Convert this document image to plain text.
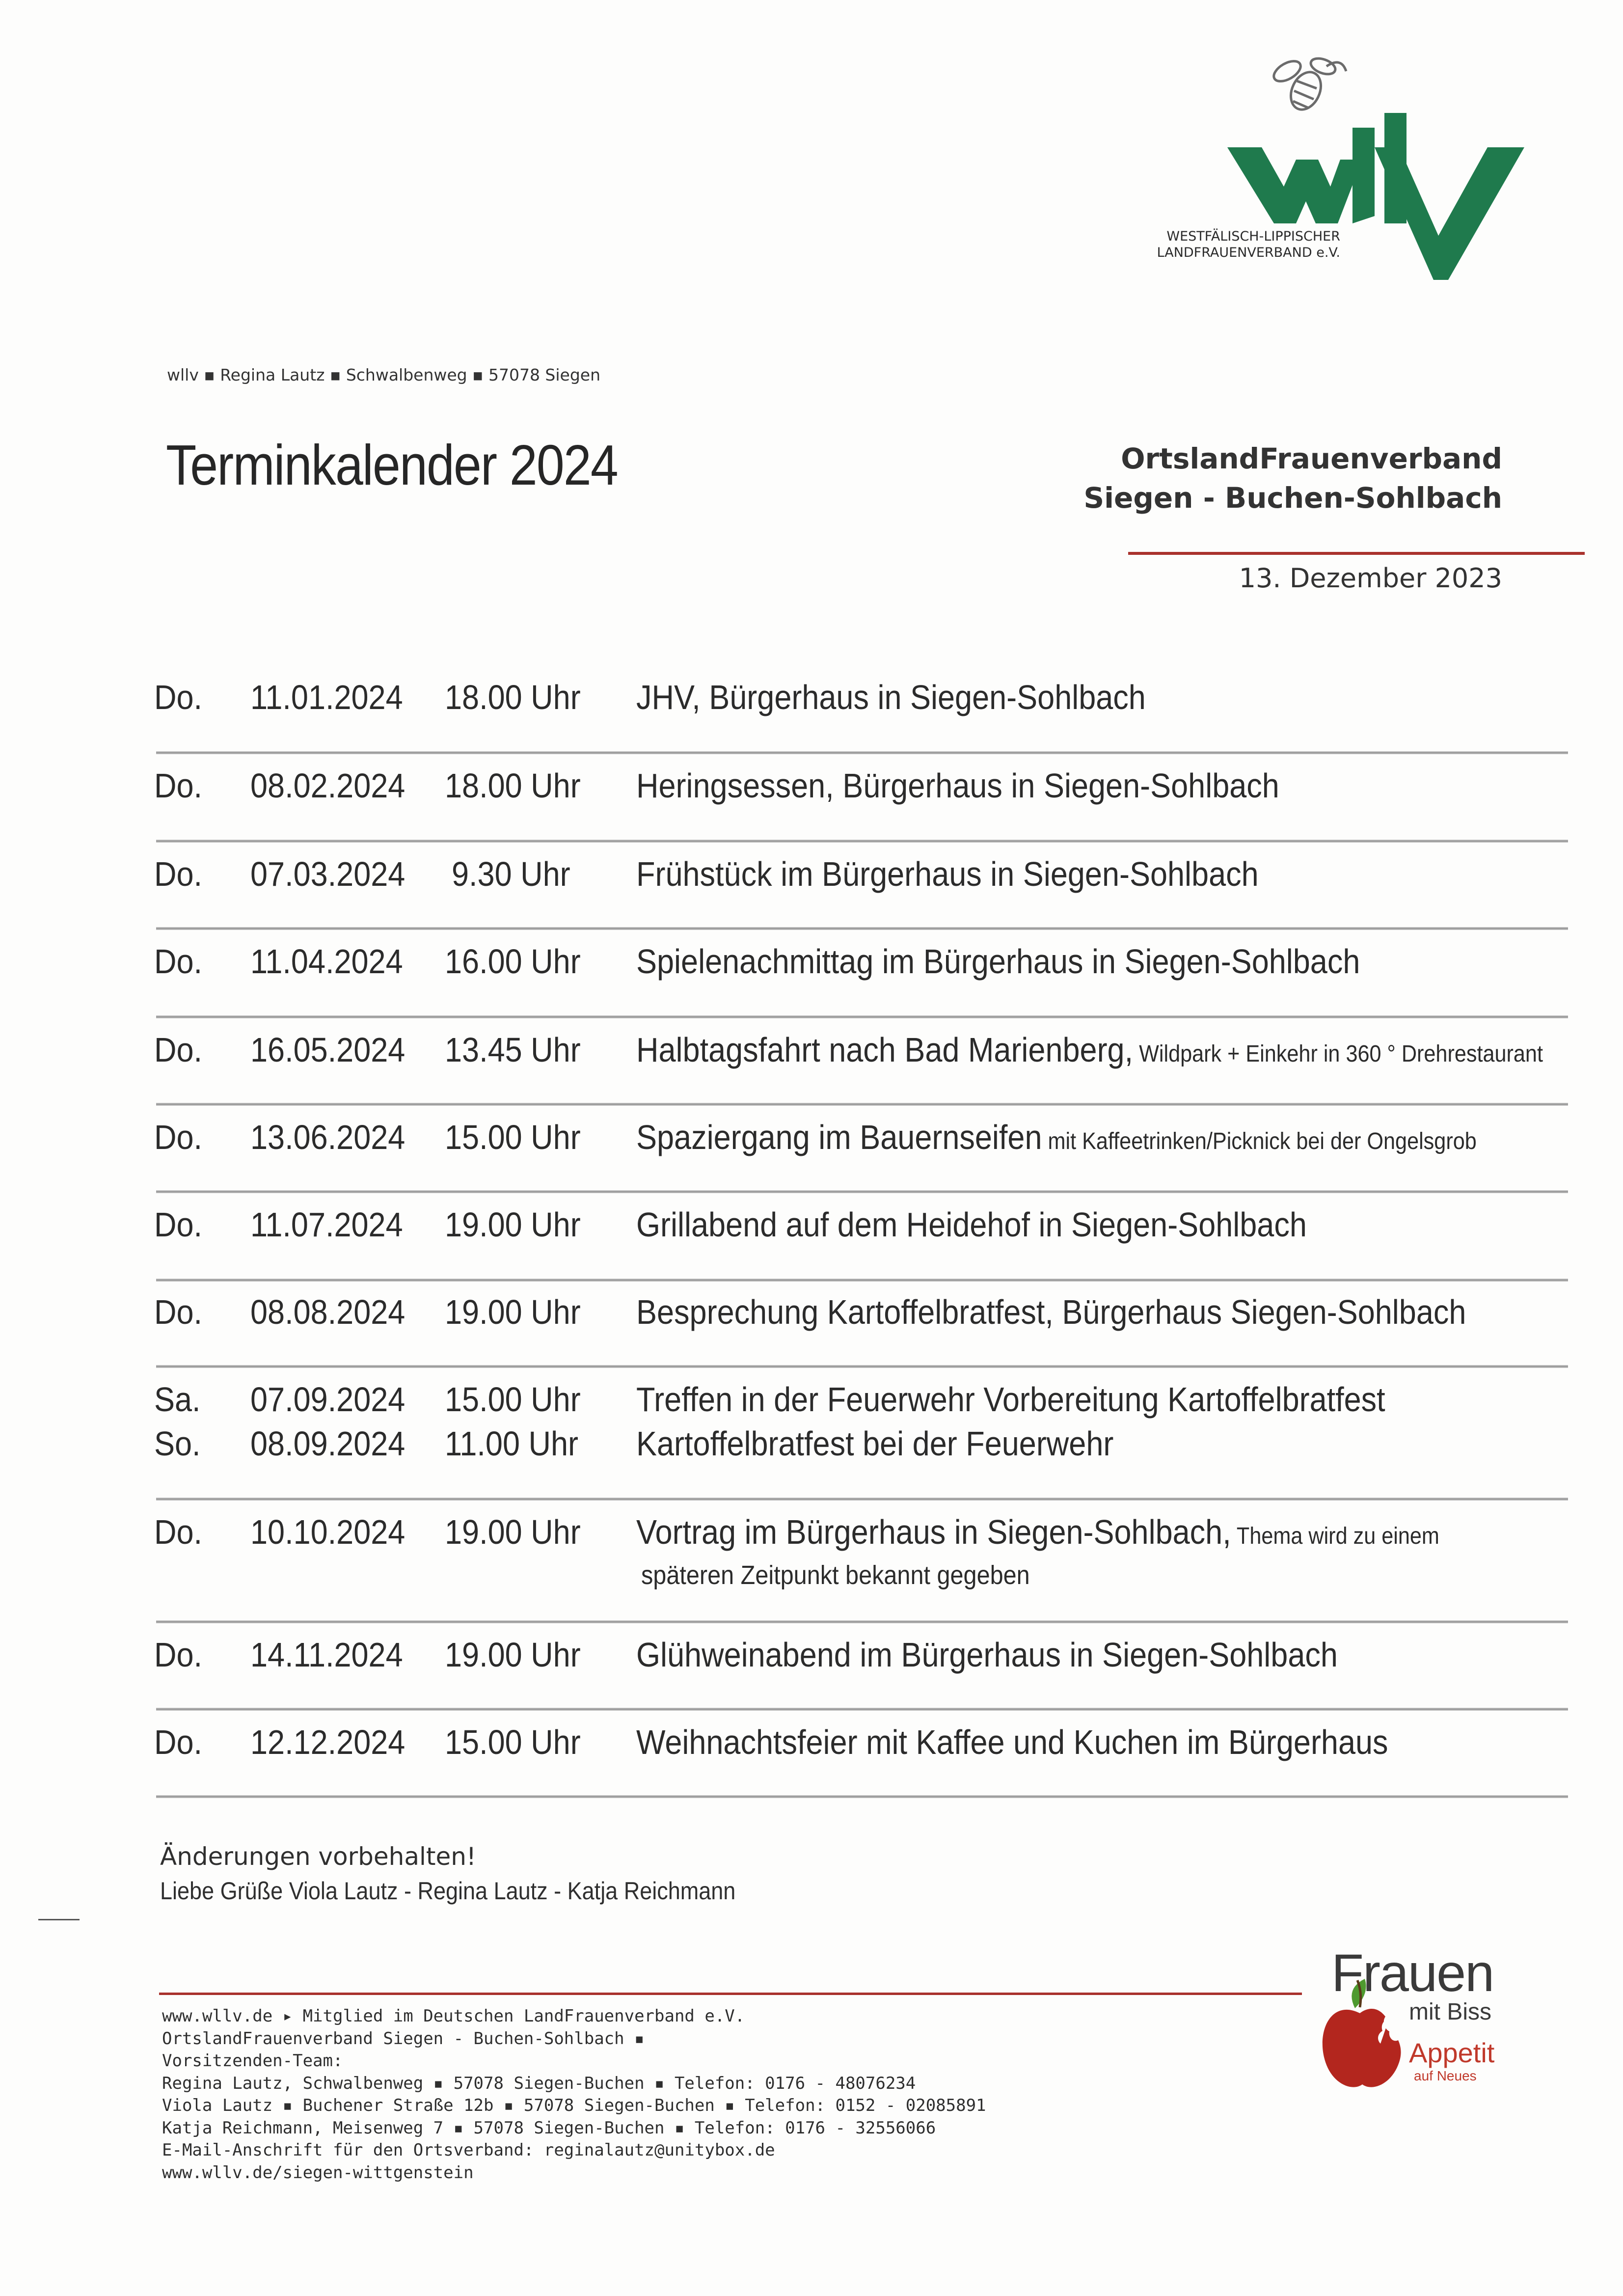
WESTFÄLISCH-LIPPISCHER
LANDFRAUENVERBAND e.V.
wllv ▪ Regina Lautz ▪ Schwalbenweg ▪ 57078 Siegen
Terminkalender 2024	OrtslandFrauenverband
Siegen - Buchen-Sohlbach
13. Dezember 2023
Do. 11.01.2024 18.00 Uhr JHV, Bürgerhaus in Siegen-Sohlbach
Do. 08.02.2024 18.00 Uhr Heringsessen, Bürgerhaus in Siegen-Sohlbach
Do. 07.03.2024 9.30 Uhr Frühstück im Bürgerhaus in Siegen-Sohlbach
Do. 11.04.2024 16.00 Uhr Spielenachmittag im Bürgerhaus in Siegen-Sohlbach
Do. 16.05.2024 13.45 Uhr Halbtagsfahrt nach Bad Marienberg, Wildpark + Einkehr in 360 ° Drehrestaurant
Do. 13.06.2024 15.00 Uhr Spaziergang im Bauernseifen mit Kaffeetrinken/Picknick bei der Ongelsgrob
Do. 11.07.2024 19.00 Uhr Grillabend auf dem Heidehof in Siegen-Sohlbach
Do. 08.08.2024 19.00 Uhr Besprechung Kartoffelbratfest, Bürgerhaus Siegen-Sohlbach
Sa. 07.09.2024 15.00 Uhr Treffen in der Feuerwehr Vorbereitung Kartoffelbratfest
So. 08.09.2024 11.00 Uhr Kartoffelbratfest bei der Feuerwehr
Do. 10.10.2024 19.00 Uhr Vortrag im Bürgerhaus in Siegen-Sohlbach, Thema wird zu einem
späteren Zeitpunkt bekannt gegeben
Do. 14.11.2024 19.00 Uhr Glühweinabend im Bürgerhaus in Siegen-Sohlbach
Do. 12.12.2024 15.00 Uhr Weihnachtsfeier mit Kaffee und Kuchen im Bürgerhaus
Änderungen vorbehalten!
Liebe Grüße Viola Lautz - Regina Lautz - Katja Reichmann
www.wllv.de ▸ Mitglied im Deutschen LandFrauenverband e.V.
OrtslandFrauenverband Siegen - Buchen-Sohlbach ▪
Vorsitzenden-Team:
Regina Lautz, Schwalbenweg ▪ 57078 Siegen-Buchen ▪ Telefon: 0176 - 48076234
Viola Lautz ▪ Buchener Straße 12b ▪ 57078 Siegen-Buchen ▪ Telefon: 0152 - 02085891
Katja Reichmann, Meisenweg 7 ▪ 57078 Siegen-Buchen ▪ Telefon: 0176 - 32556066
E-Mail-Anschrift für den Ortsverband: reginalautz@unitybox.de
www.wllv.de/siegen-wittgenstein
Frauen
mit Biss
Appetit
auf Neues
